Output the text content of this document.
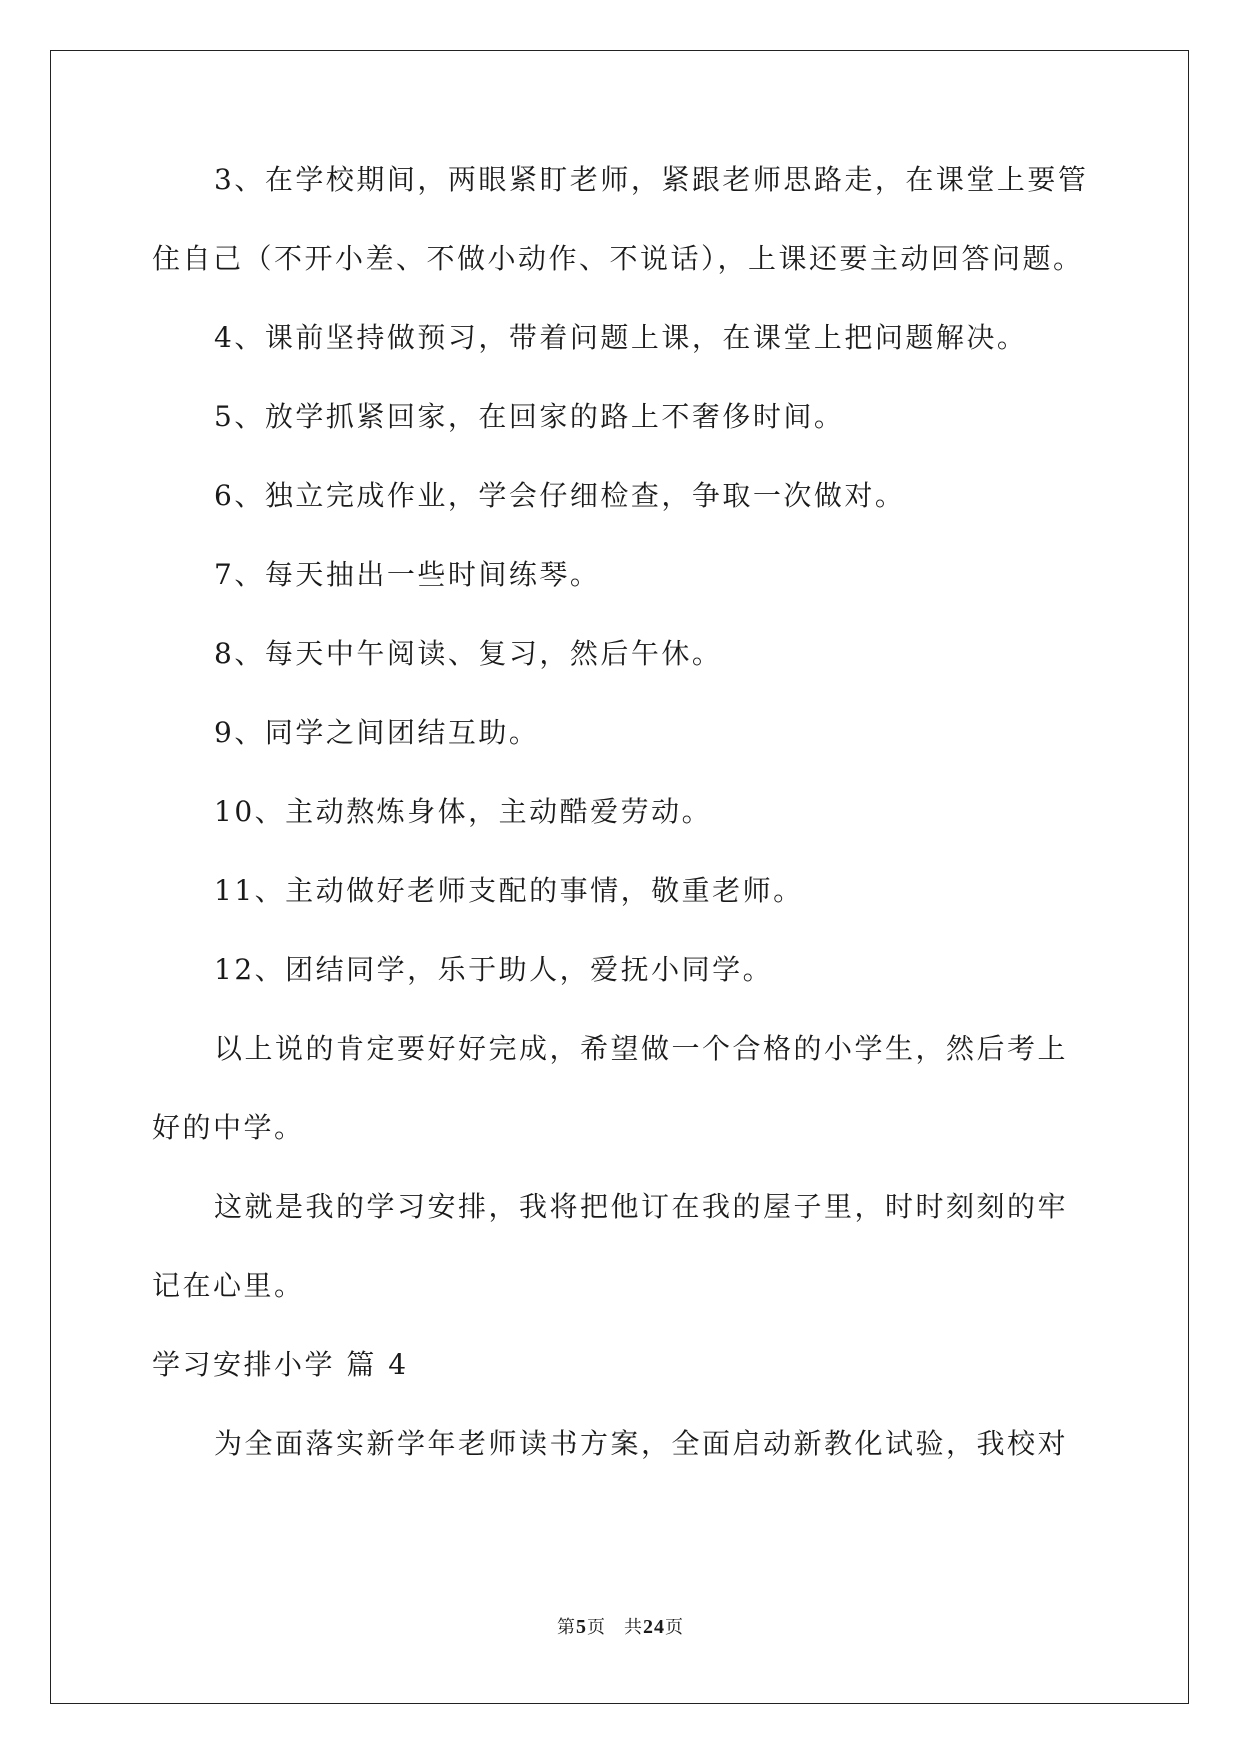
3、在学校期间，两眼紧盯老师，紧跟老师思路走，在课堂上要管
住自己（不开小差、不做小动作、不说话），上课还要主动回答问题。
4、课前坚持做预习，带着问题上课，在课堂上把问题解决。
5、放学抓紧回家，在回家的路上不奢侈时间。
6、独立完成作业，学会仔细检查，争取一次做对。
7、每天抽出一些时间练琴。
8、每天中午阅读、复习，然后午休。
9、同学之间团结互助。
10、主动熬炼身体，主动酷爱劳动。
11、主动做好老师支配的事情，敬重老师。
12、团结同学，乐于助人，爱抚小同学。
以上说的肯定要好好完成，希望做一个合格的小学生，然后考上
好的中学。
这就是我的学习安排，我将把他订在我的屋子里，时时刻刻的牢
记在心里。
学习安排小学 篇 4
为全面落实新学年老师读书方案，全面启动新教化试验，我校对
第5页 共24页
